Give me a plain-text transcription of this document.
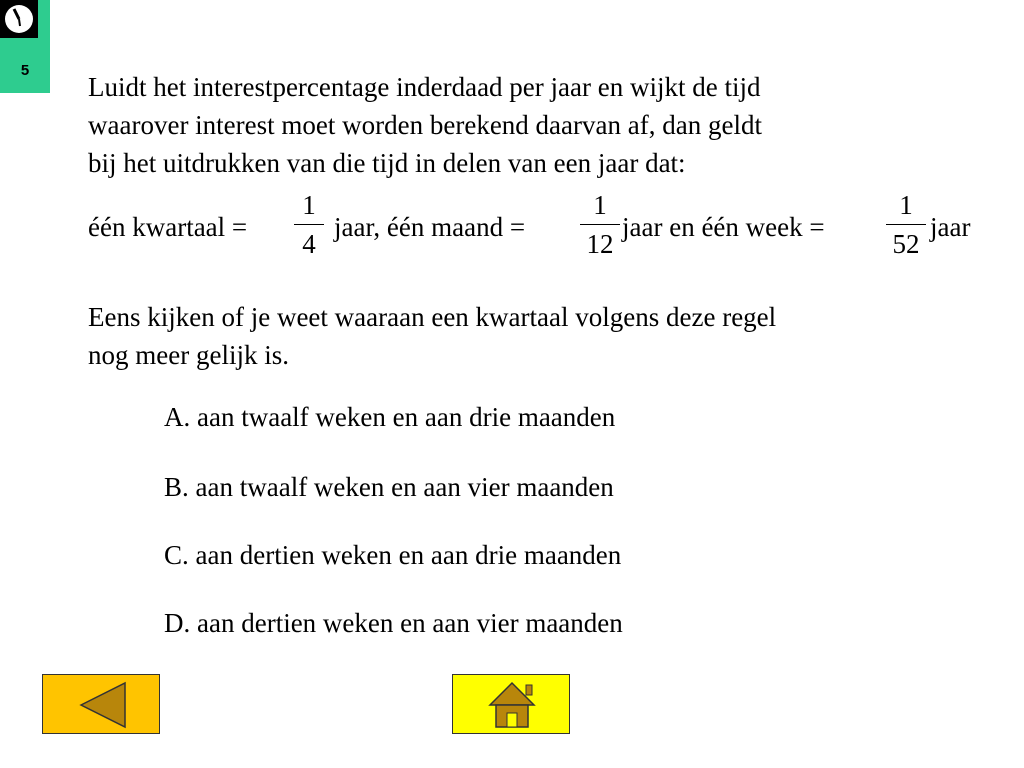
5
Luidt het interestpercentage inderdaad per jaar en wijkt de tijd
waarover interest moet worden berekend daarvan af, dan geldt
bij het uitdrukken van die tijd in delen van een jaar dat:
één kwartaal =
1
4
jaar, één maand =
1
12
jaar en één week =
1
52
jaar
Eens kijken of je weet waaraan een kwartaal volgens deze regel
nog meer gelijk is.
A. aan twaalf weken en aan drie maanden
B. aan twaalf weken en aan vier maanden
C. aan dertien weken en aan drie maanden
D. aan dertien weken en aan vier maanden
